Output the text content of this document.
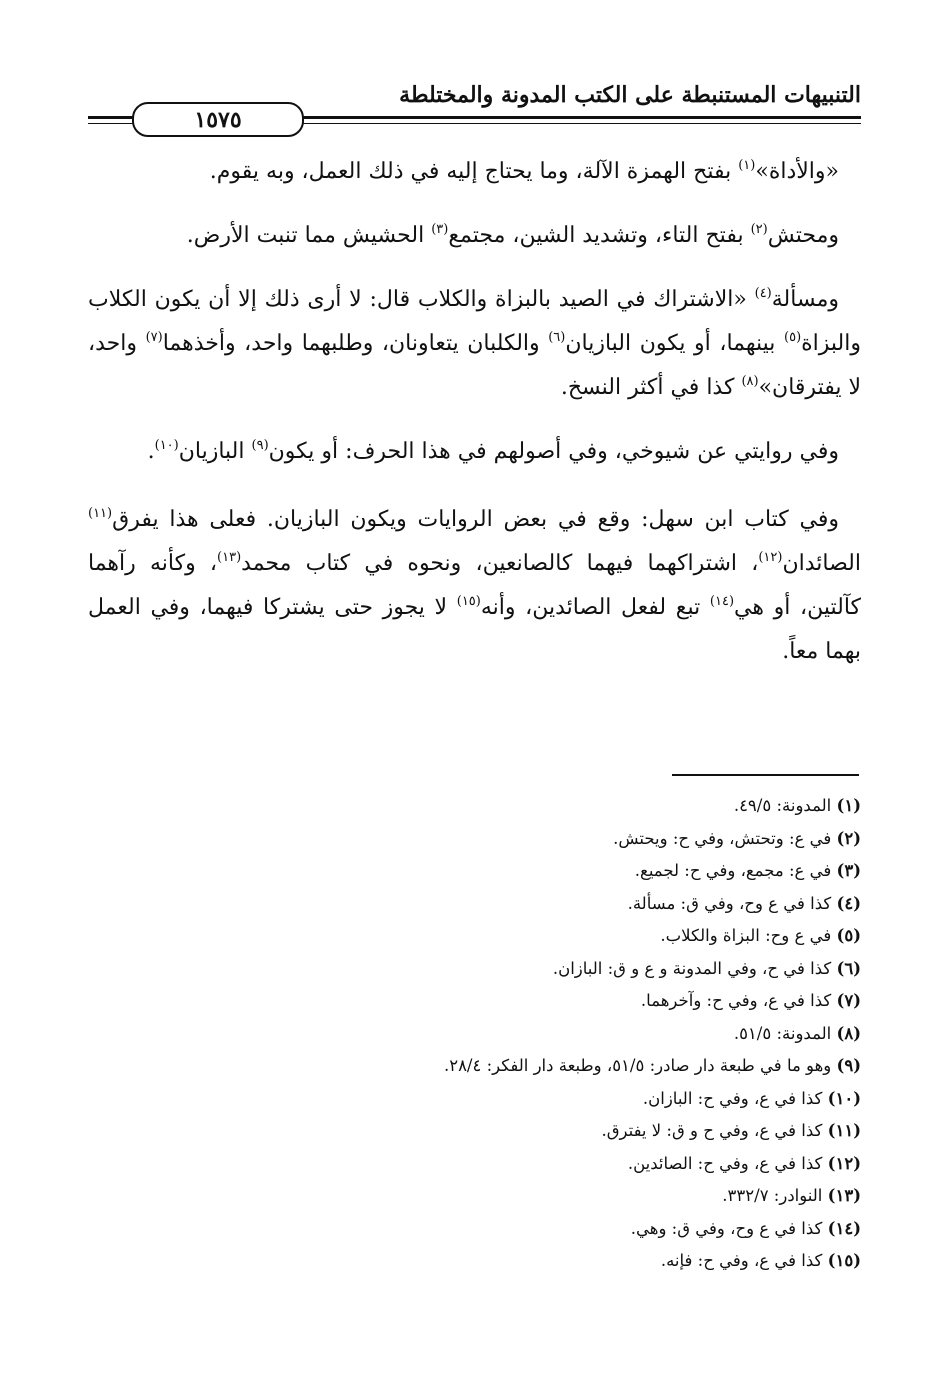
التنبيهات المستنبطة على الكتب المدونة والمختلطة
١٥٧٥

«والأداة»$^{(١)}$ بفتح الهمزة الآلة، وما يحتاج إليه في ذلك العمل، وبه يقوم.

ومحتش$^{(٢)}$ بفتح التاء، وتشديد الشين، مجتمع$^{(٣)}$ الحشيش مما تنبت الأرض.

ومسألة$^{(٤)}$ «الاشتراك في الصيد بالبزاة والكلاب قال: لا أرى ذلك إلا أن يكون الكلاب والبزاة$^{(٥)}$ بينهما، أو يكون البازيان$^{(٦)}$ والكلبان يتعاونان، وطلبهما واحد، وأخذهما$^{(٧)}$ واحد، لا يفترقان»$^{(٨)}$ كذا في أكثر النسخ.

وفي روايتي عن شيوخي، وفي أصولهم في هذا الحرف: أو يكون$^{(٩)}$ البازيان$^{(١٠)}$.

وفي كتاب ابن سهل: وقع في بعض الروايات ويكون البازيان. فعلى هذا يفرق$^{(١١)}$ الصائدان$^{(١٢)}$، اشتراكهما فيهما كالصانعين، ونحوه في كتاب محمد$^{(١٣)}$، وكأنه رآهما كآلتين، أو هي$^{(١٤)}$ تبع لفعل الصائدين، وأنه$^{(١٥)}$ لا يجوز حتى يشتركا فيهما، وفي العمل بهما معاً.

(١) المدونة: ٤٩/٥.
(٢) في ع: وتحتش، وفي ح: ويحتش.
(٣) في ع: مجمع، وفي ح: لجميع.
(٤) كذا في ع وح، وفي ق: مسألة.
(٥) في ع وح: البزاة والكلاب.
(٦) كذا في ح، وفي المدونة و ع و ق: البازان.
(٧) كذا في ع، وفي ح: وآخرهما.
(٨) المدونة: ٥١/٥.
(٩) وهو ما في طبعة دار صادر: ٥١/٥، وطبعة دار الفكر: ٢٨/٤.
(١٠) كذا في ع، وفي ح: البازان.
(١١) كذا في ع، وفي ح و ق: لا يفترق.
(١٢) كذا في ع، وفي ح: الصائدين.
(١٣) النوادر: ٣٣٢/٧.
(١٤) كذا في ع وح، وفي ق: وهي.
(١٥) كذا في ع، وفي ح: فإنه.
